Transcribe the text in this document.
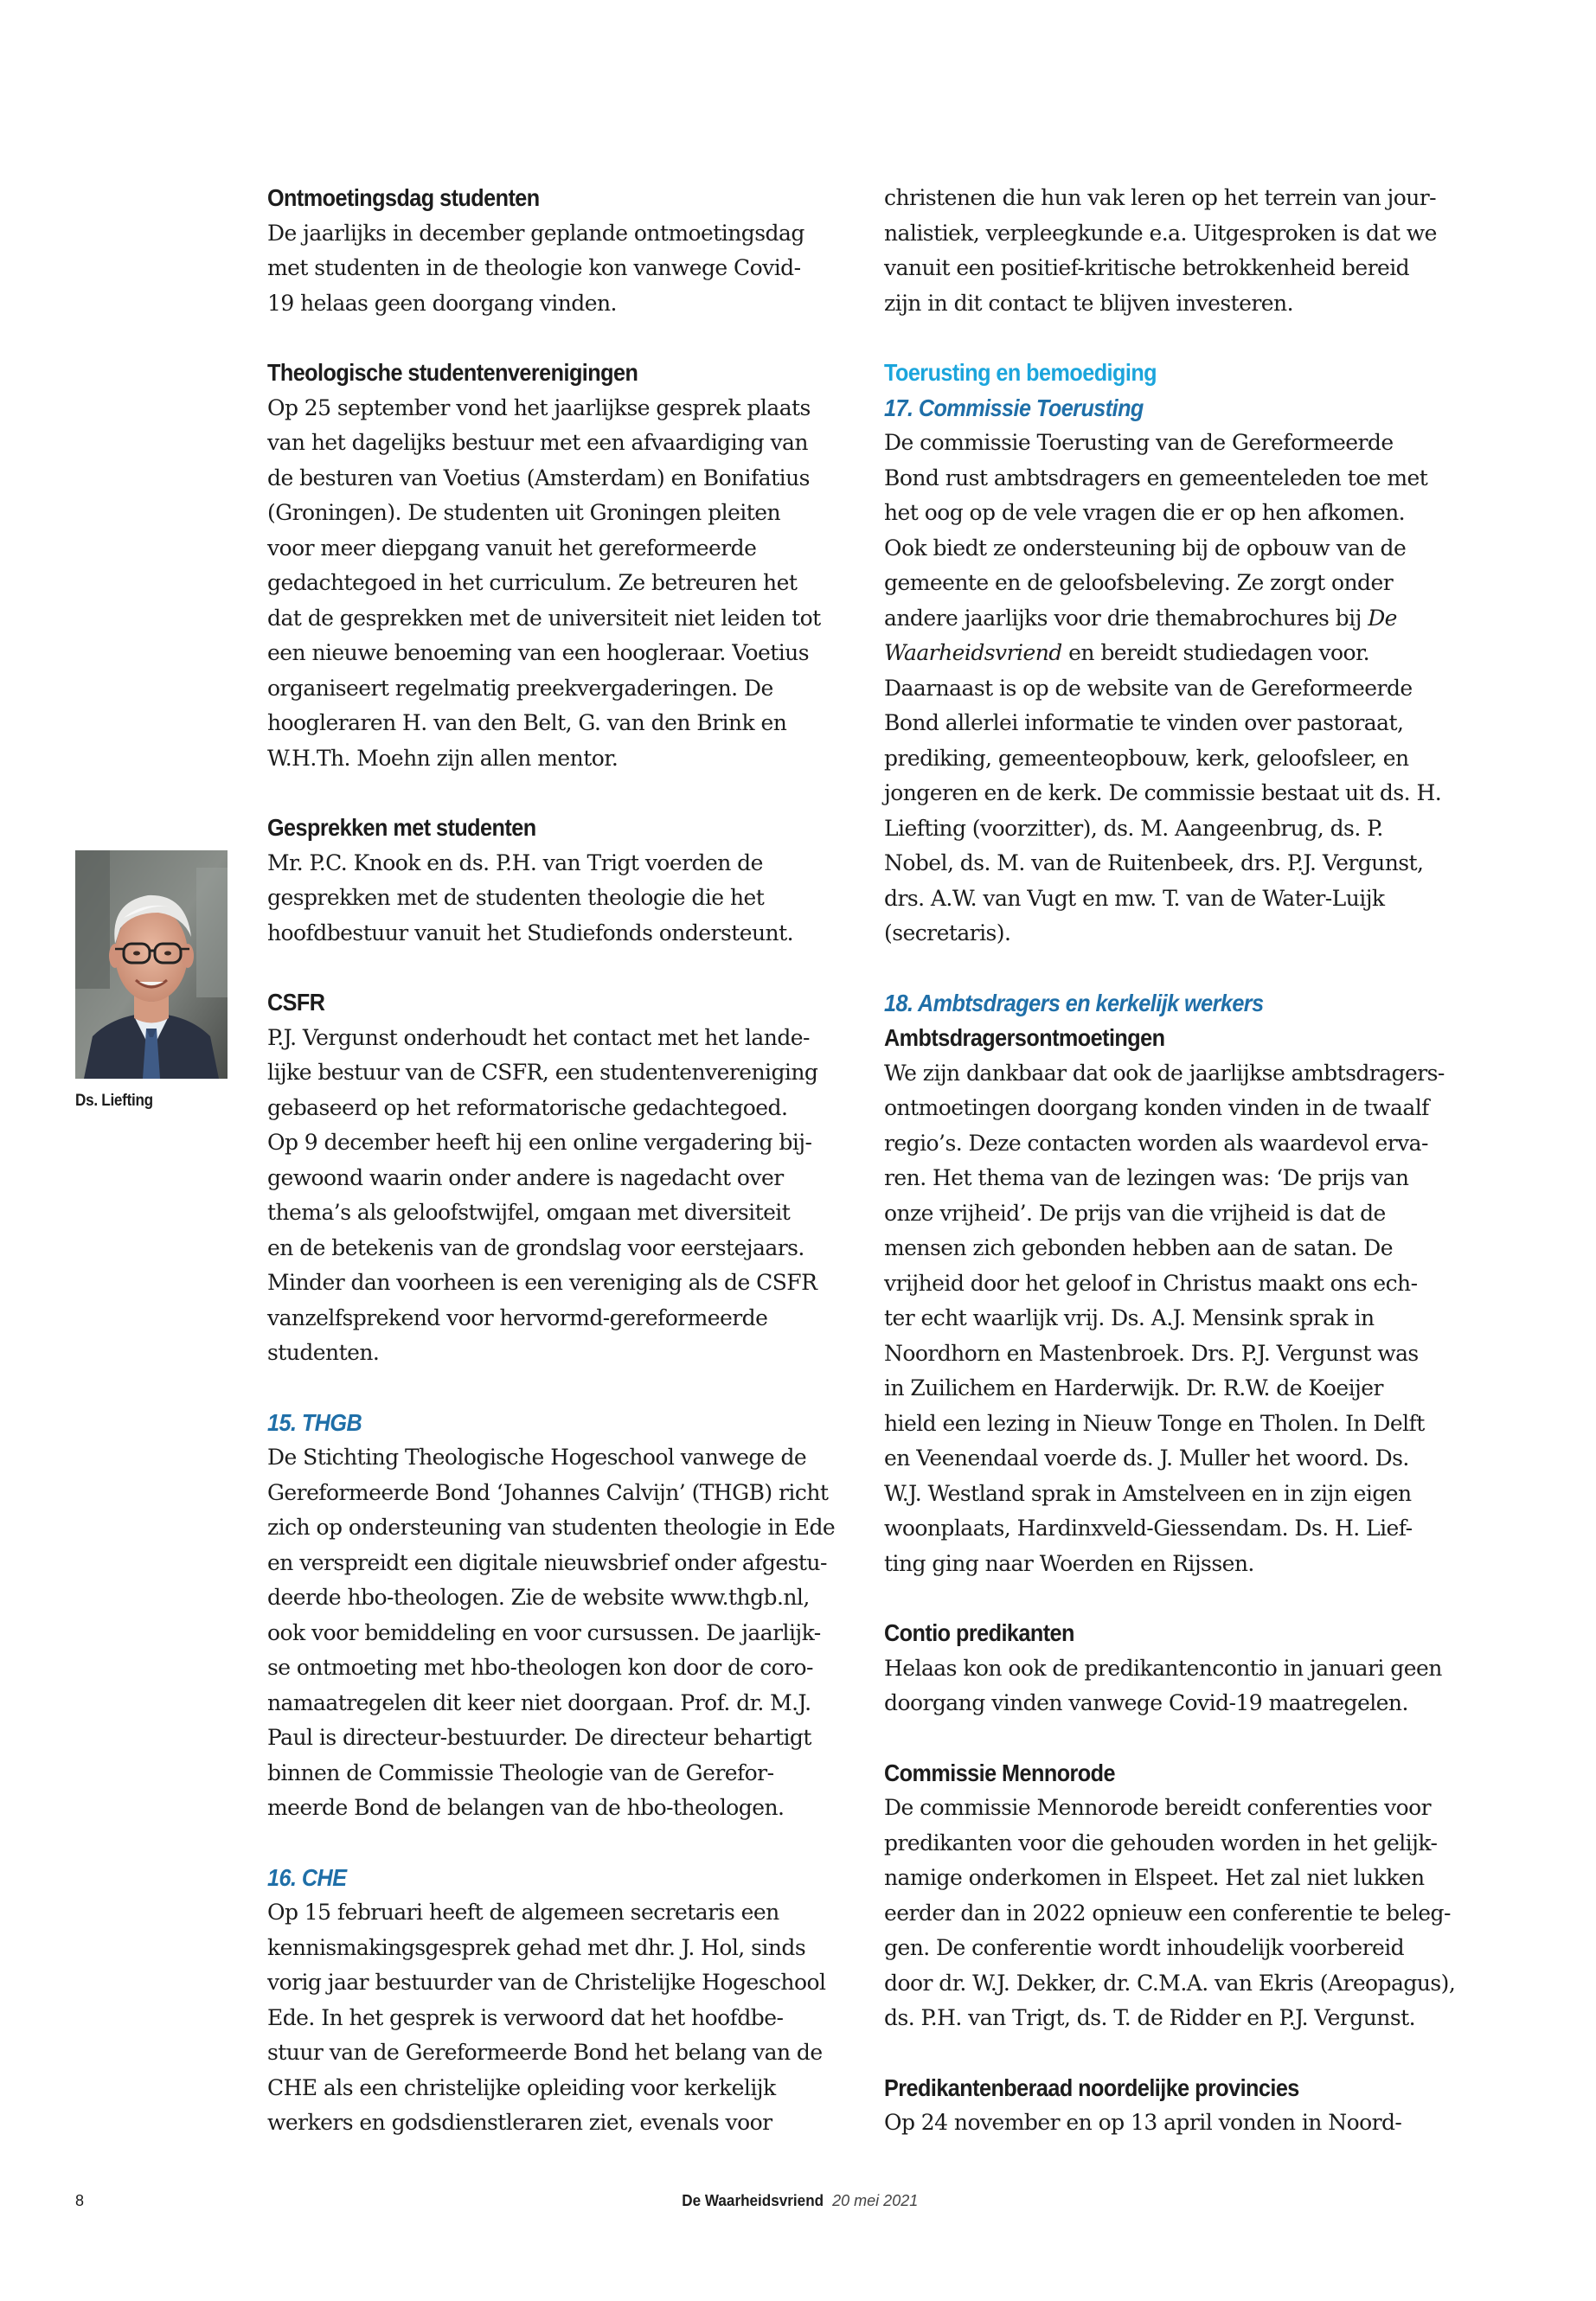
Ontmoetingsdag studenten
De jaarlijks in december geplande ontmoetingsdag
met studenten in de theologie kon vanwege Covid-
19 helaas geen doorgang vinden.
Theologische studentenverenigingen
Op 25 september vond het jaarlijkse gesprek plaats
van het dagelijks bestuur met een afvaardiging van
de besturen van Voetius (Amsterdam) en Bonifatius
(Groningen). De studenten uit Groningen pleiten
voor meer diepgang vanuit het gereformeerde
gedachtegoed in het curriculum. Ze betreuren het
dat de gesprekken met de universiteit niet leiden tot
een nieuwe benoeming van een hoogleraar. Voetius
organiseert regelmatig preekvergaderingen. De
hoogleraren H. van den Belt, G. van den Brink en
W.H.Th. Moehn zijn allen mentor.
Gesprekken met studenten
Mr. P.C. Knook en ds. P.H. van Trigt voerden de
gesprekken met de studenten theologie die het
hoofdbestuur vanuit het Studiefonds ondersteunt.
CSFR
P.J. Vergunst onderhoudt het contact met het lande-
lijke bestuur van de CSFR, een studentenvereniging
gebaseerd op het reformatorische gedachtegoed.
Op 9 december heeft hij een online vergadering bij-
gewoond waarin onder andere is nagedacht over
thema’s als geloofstwijfel, omgaan met diversiteit
en de betekenis van de grondslag voor eerstejaars.
Minder dan voorheen is een vereniging als de CSFR
vanzelfsprekend voor hervormd-gereformeerde
studenten.
15. THGB
De Stichting Theologische Hogeschool vanwege de
Gereformeerde Bond ‘Johannes Calvijn’ (THGB) richt
zich op ondersteuning van studenten theologie in Ede
en verspreidt een digitale nieuwsbrief onder afgestu-
deerde hbo-theologen. Zie de website www.thgb.nl,
ook voor bemiddeling en voor cursussen. De jaarlijk-
se ontmoeting met hbo-theologen kon door de coro-
namaatregelen dit keer niet doorgaan. Prof. dr. M.J.
Paul is directeur-bestuurder. De directeur behartigt
binnen de Commissie Theologie van de Gerefor-
meerde Bond de belangen van de hbo-theologen.
16. CHE
Op 15 februari heeft de algemeen secretaris een
kennismakingsgesprek gehad met dhr. J. Hol, sinds
vorig jaar bestuurder van de Christelijke Hogeschool
Ede. In het gesprek is verwoord dat het hoofdbe-
stuur van de Gereformeerde Bond het belang van de
CHE als een christelijke opleiding voor kerkelijk
werkers en godsdienstleraren ziet, evenals voor
christenen die hun vak leren op het terrein van jour-
nalistiek, verpleegkunde e.a. Uitgesproken is dat we
vanuit een positief-kritische betrokkenheid bereid
zijn in dit contact te blijven investeren.
Toerusting en bemoediging
17. Commissie Toerusting
De commissie Toerusting van de Gereformeerde
Bond rust ambtsdragers en gemeenteleden toe met
het oog op de vele vragen die er op hen afkomen.
Ook biedt ze ondersteuning bij de opbouw van de
gemeente en de geloofsbeleving. Ze zorgt onder
andere jaarlijks voor drie themabrochures bij De
Waarheidsvriend en bereidt studiedagen voor.
Daarnaast is op de website van de Gereformeerde
Bond allerlei informatie te vinden over pastoraat,
prediking, gemeenteopbouw, kerk, geloofsleer, en
jongeren en de kerk. De commissie bestaat uit ds. H.
Liefting (voorzitter), ds. M. Aangeenbrug, ds. P.
Nobel, ds. M. van de Ruitenbeek, drs. P.J. Vergunst,
drs. A.W. van Vugt en mw. T. van de Water-Luijk
(secretaris).
18. Ambtsdragers en kerkelijk werkers
Ambtsdragersontmoetingen
We zijn dankbaar dat ook de jaarlijkse ambtsdragers-
ontmoetingen doorgang konden vinden in de twaalf
regio’s. Deze contacten worden als waardevol erva-
ren. Het thema van de lezingen was: ‘De prijs van
onze vrijheid’. De prijs van die vrijheid is dat de
mensen zich gebonden hebben aan de satan. De
vrijheid door het geloof in Christus maakt ons ech-
ter echt waarlijk vrij. Ds. A.J. Mensink sprak in
Noordhorn en Mastenbroek. Drs. P.J. Vergunst was
in Zuilichem en Harderwijk. Dr. R.W. de Koeijer
hield een lezing in Nieuw Tonge en Tholen. In Delft
en Veenendaal voerde ds. J. Muller het woord. Ds.
W.J. Westland sprak in Amstelveen en in zijn eigen
woonplaats, Hardinxveld-Giessendam. Ds. H. Lief-
ting ging naar Woerden en Rijssen.
Contio predikanten
Helaas kon ook de predikantencontio in januari geen
doorgang vinden vanwege Covid-19 maatregelen.
Commissie Mennorode
De commissie Mennorode bereidt conferenties voor
predikanten voor die gehouden worden in het gelijk-
namige onderkomen in Elspeet. Het zal niet lukken
eerder dan in 2022 opnieuw een conferentie te beleg-
gen. De conferentie wordt inhoudelijk voorbereid
door dr. W.J. Dekker, dr. C.M.A. van Ekris (Areopagus),
ds. P.H. van Trigt, ds. T. de Ridder en P.J. Vergunst.
Predikantenberaad noordelijke provincies
Op 24 november en op 13 april vonden in Noord-
Ds. Liefting
8	De Waarheidsvriend 20 mei 2021
